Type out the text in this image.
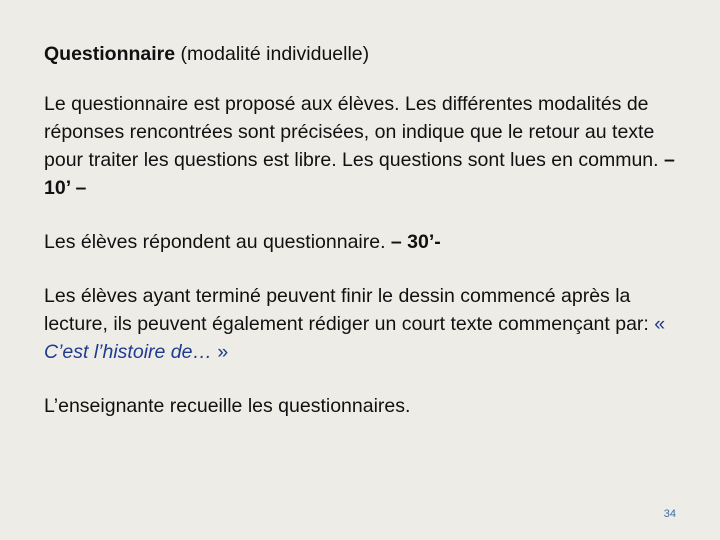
Questionnaire (modalité individuelle)

Le questionnaire est proposé aux élèves. Les différentes modalités de réponses rencontrées sont précisées, on indique que le retour au texte pour traiter les questions est libre. Les questions sont lues en commun. – 10’ –

Les élèves répondent au questionnaire. – 30’-

Les élèves ayant terminé peuvent finir le dessin commencé après la lecture, ils peuvent également rédiger un court texte commençant par: « C’est l’histoire de… »

L’enseignante recueille les questionnaires.

34
